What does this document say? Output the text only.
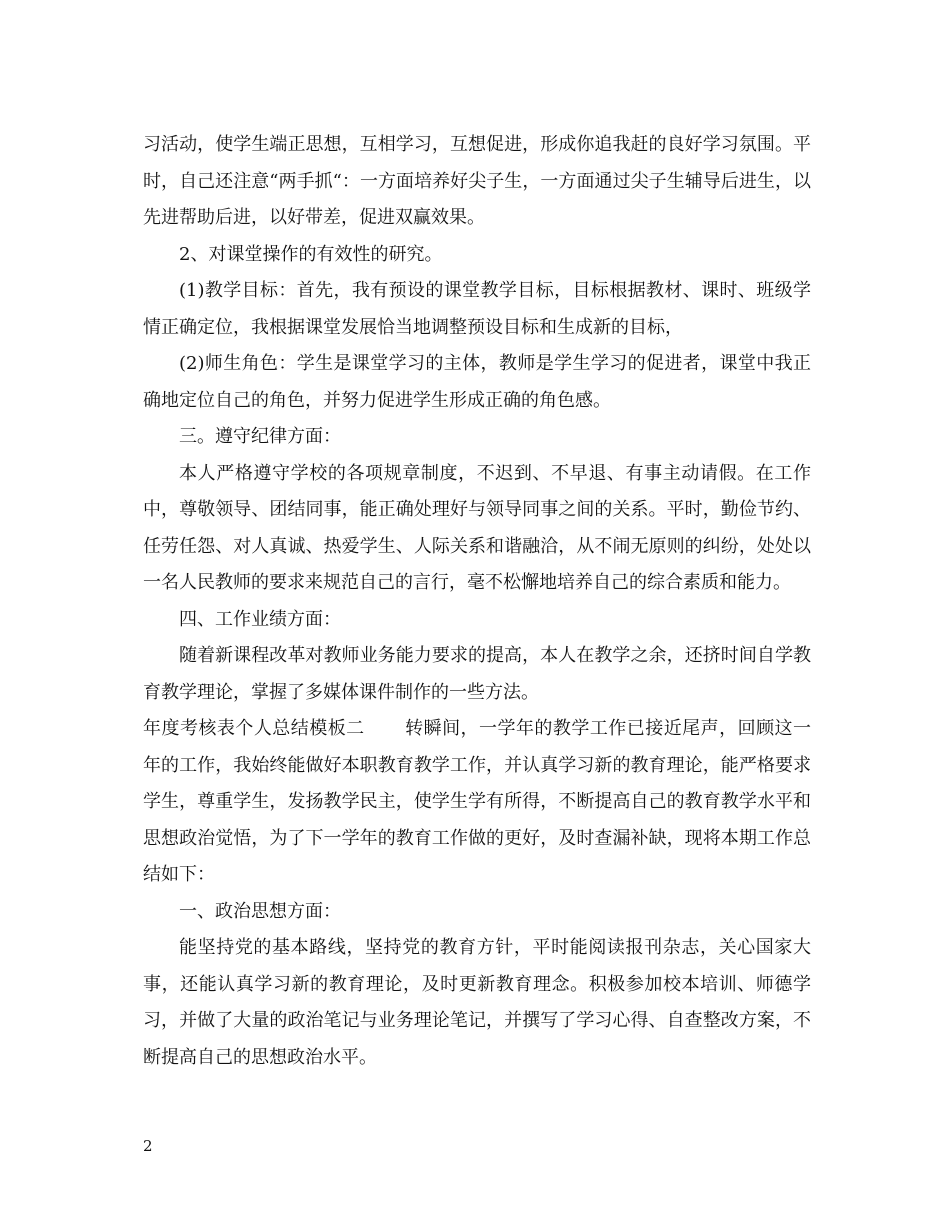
习活动，使学生端正思想，互相学习，互想促进，形成你追我赶的良好学习氛围。平时，自己还注意“两手抓“：一方面培养好尖子生，一方面通过尖子生辅导后进生，以先进帮助后进，以好带差，促进双赢效果。

2、对课堂操作的有效性的研究。

(1)教学目标：首先，我有预设的课堂教学目标，目标根据教材、课时、班级学情正确定位，我根据课堂发展恰当地调整预设目标和生成新的目标，

(2)师生角色：学生是课堂学习的主体，教师是学生学习的促进者，课堂中我正确地定位自己的角色，并努力促进学生形成正确的角色感。

三。遵守纪律方面：

本人严格遵守学校的各项规章制度，不迟到、不早退、有事主动请假。在工作中，尊敬领导、团结同事，能正确处理好与领导同事之间的关系。平时，勤俭节约、任劳任怨、对人真诚、热爱学生、人际关系和谐融洽，从不闹无原则的纠纷，处处以一名人民教师的要求来规范自己的言行，毫不松懈地培养自己的综合素质和能力。

四、工作业绩方面：

随着新课程改革对教师业务能力要求的提高，本人在教学之余，还挤时间自学教育教学理论，掌握了多媒体课件制作的一些方法。

年度考核表个人总结模板二 转瞬间，一学年的教学工作已接近尾声，回顾这一年的工作，我始终能做好本职教育教学工作，并认真学习新的教育理论，能严格要求学生，尊重学生，发扬教学民主，使学生学有所得，不断提高自己的教育教学水平和思想政治觉悟，为了下一学年的教育工作做的更好，及时查漏补缺，现将本期工作总结如下：

一、政治思想方面：

能坚持党的基本路线，坚持党的教育方针，平时能阅读报刊杂志，关心国家大事，还能认真学习新的教育理论，及时更新教育理念。积极参加校本培训、师德学习，并做了大量的政治笔记与业务理论笔记，并撰写了学习心得、自查整改方案，不断提高自己的思想政治水平。

2
